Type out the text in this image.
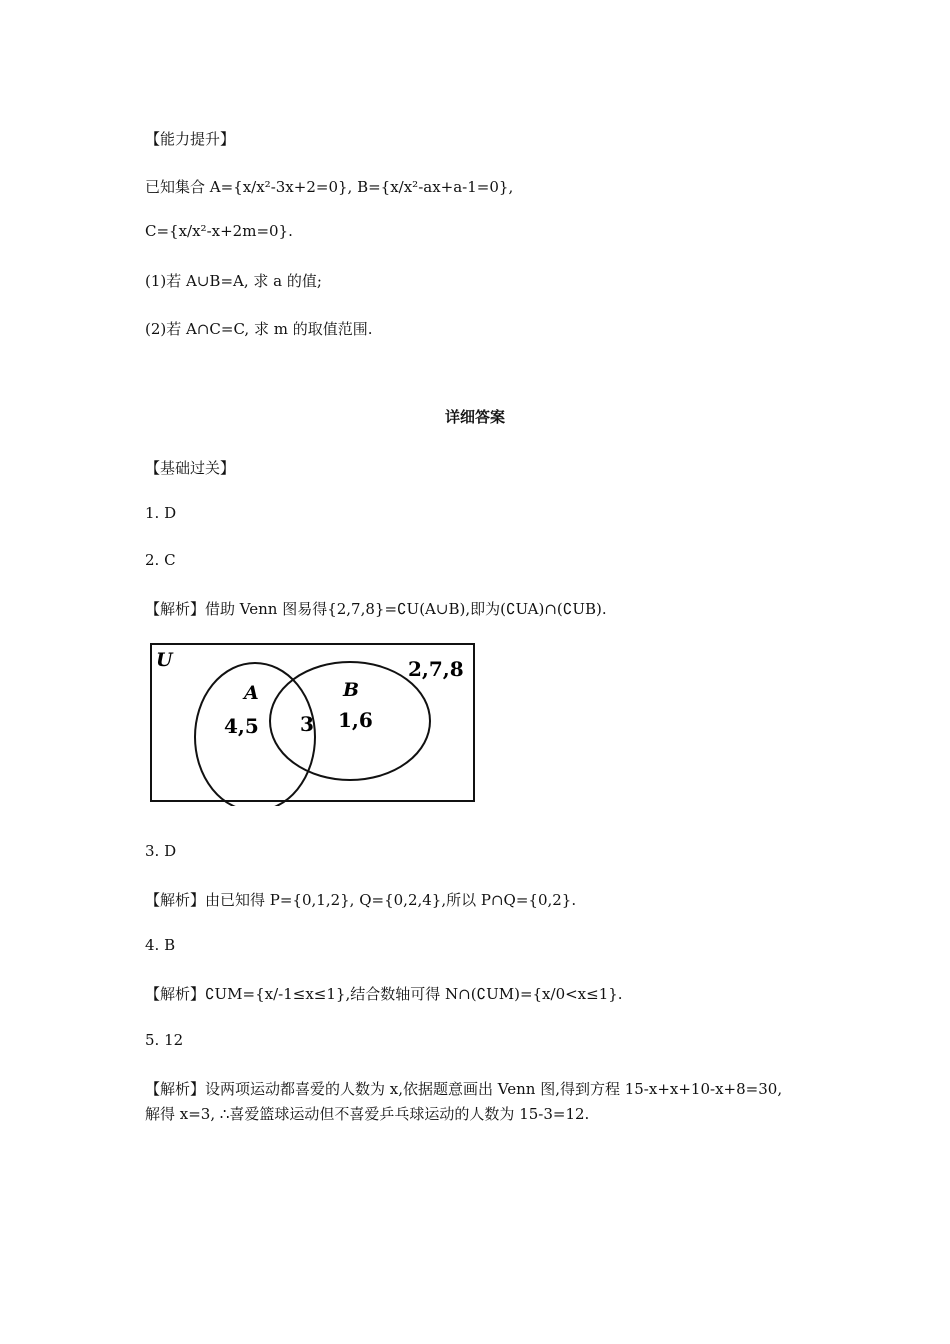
【能力提升】
已知集合 A={x/x²-3x+2=0}, B={x/x²-ax+a-1=0},
C={x/x²-x+2m=0}.
(1)若 A∪B=A, 求 a 的值;
(2)若 A∩C=C, 求 m 的取值范围.
详细答案
【基础过关】
1. D
2. C
【解析】借助 Venn 图易得{2,7,8}=∁U(A∪B),即为(∁UA)∩(∁UB).
U
A	B
4,5 3 1,6
2,7,8
3. D
【解析】由已知得 P={0,1,2}, Q={0,2,4},所以 P∩Q={0,2}.
4. B
【解析】∁UM={x/-1≤x≤1},结合数轴可得 N∩(∁UM)={x/0<x≤1}.
5. 12
【解析】设两项运动都喜爱的人数为 x,依据题意画出 Venn 图,得到方程 15-x+x+10-x+8=30,
解得 x=3, ∴喜爱篮球运动但不喜爱乒乓球运动的人数为 15-3=12.
